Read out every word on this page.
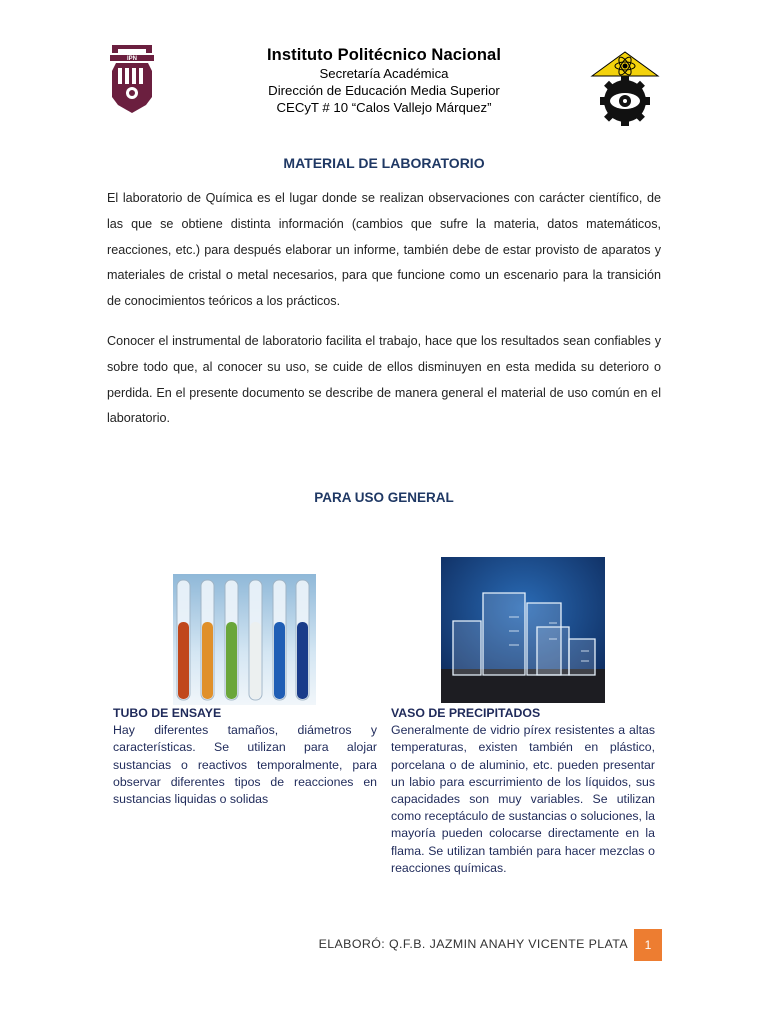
IPN	Instituto Politécnico Nacional
Secretaría Académica
Dirección de Educación Media Superior
CECyT # 10 “Calos Vallejo Márquez”
MATERIAL DE LABORATORIO

El laboratorio de Química es el lugar donde se realizan observaciones con carácter científico, de las que se obtiene distinta información (cambios que sufre la materia, datos matemáticos, reacciones, etc.) para después elaborar un informe, también debe de estar provisto de aparatos y materiales de cristal o metal necesarios, para que funcione como un escenario para la transición de conocimientos teóricos a los prácticos.

Conocer el instrumental de laboratorio facilita el trabajo, hace que los resultados sean confiables y sobre todo que, al conocer su uso, se cuide de ellos disminuyen en esta medida su deterioro o perdida. En el presente documento se describe de manera general el material de uso común en el laboratorio.

PARA USO GENERAL
TUBO DE ENSAYE
Hay diferentes tamaños, diámetros y características. Se utilizan para alojar sustancias o reactivos temporalmente, para observar diferentes tipos de reacciones en sustancias liquidas o solidas
VASO DE PRECIPITADOS
Generalmente de vidrio pírex resistentes a altas temperaturas, existen también en plástico, porcelana o de aluminio, etc. pueden presentar un labio para escurrimiento de los líquidos, sus capacidades son muy variables. Se utilizan como receptáculo de sustancias o soluciones, la mayoría pueden colocarse directamente en la flama. Se utilizan también para hacer mezclas o reacciones químicas.
ELABORÓ: Q.F.B. JAZMIN ANAHY VICENTE PLATA	1
